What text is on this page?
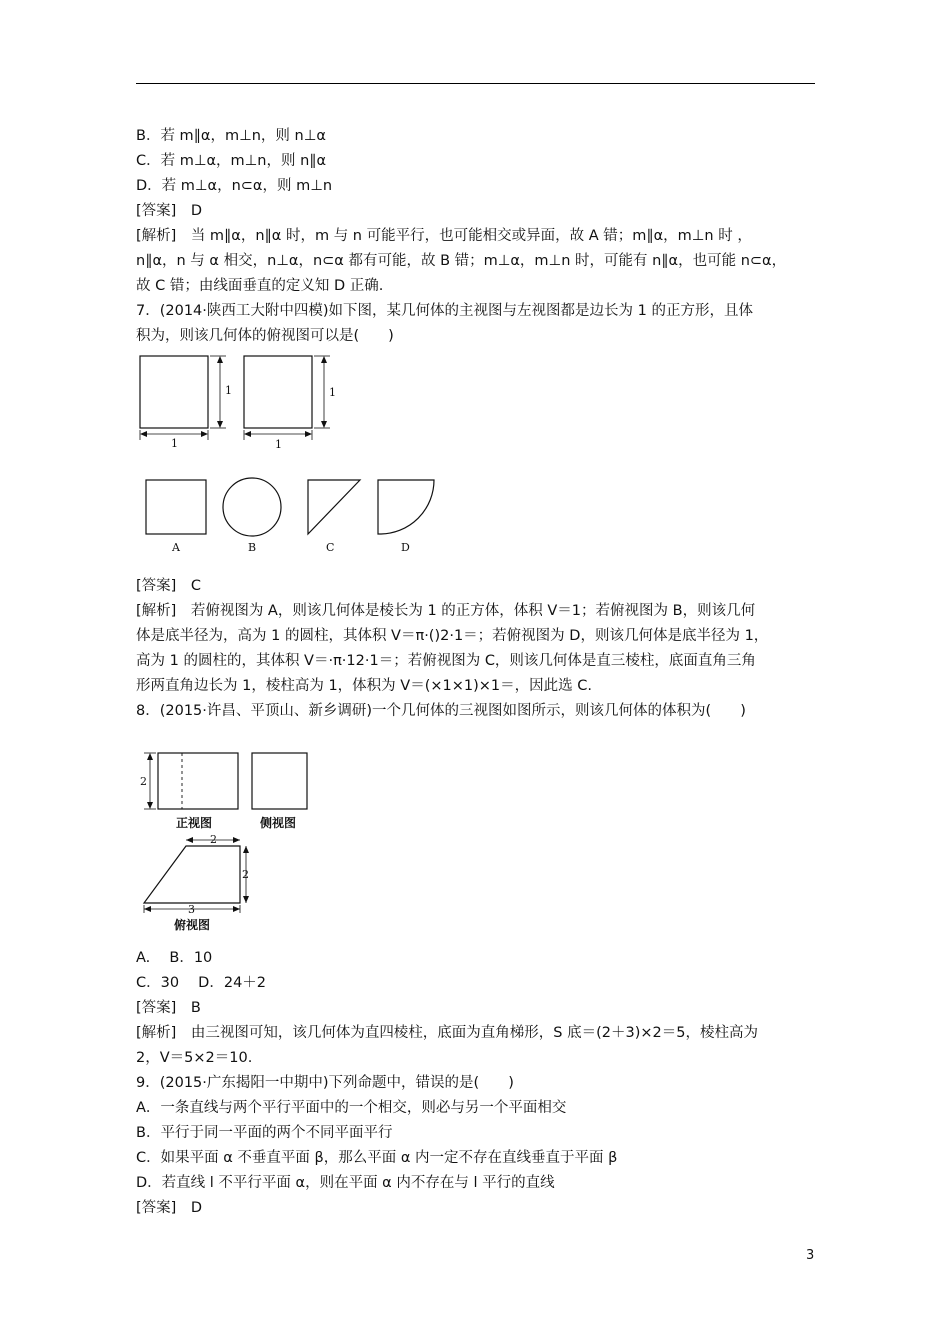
B．若 m∥α，m⊥n，则 n⊥α
C．若 m⊥α，m⊥n，则 n∥α
D．若 m⊥α，n⊂α，则 m⊥n
[答案]　D
[解析]　当 m∥α，n∥α 时，m 与 n 可能平行，也可能相交或异面，故 A 错；m∥α，m⊥n 时 ，
n∥α，n 与 α 相交，n⊥α，n⊂α 都有可能，故 B 错；m⊥α，m⊥n 时，可能有 n∥α，也可能 n⊂α，
故 C 错；由线面垂直的定义知 D 正确.
7．(2014·陕西工大附中四模)如下图，某几何体的主视图与左视图都是边长为 1 的正方形，且体
积为，则该几何体的俯视图可以是(　　)
1
1
1
1
A	B	C	D
[答案]　C
[解析]　若俯视图为 A，则该几何体是棱长为 1 的正方体，体积 V＝1；若俯视图为 B，则该几何
体是底半径为，高为 1 的圆柱，其体积 V＝π·()2·1＝；若俯视图为 D，则该几何体是底半径为 1，
高为 1 的圆柱的，其体积 V＝·π·12·1＝；若俯视图为 C，则该几何体是直三棱柱，底面直角三角
形两直角边长为 1，棱柱高为 1，体积为 V＝(×1×1)×1＝，因此选 C.
8．(2015·许昌、平顶山、新乡调研)一个几何体的三视图如图所示，则该几何体的体积为(　　)
2
正视图	侧视图
2
2
3
俯视图
A.　 B．10
C．30　 D．24＋2
[答案]　B
[解析]　由三视图可知，该几何体为直四棱柱，底面为直角梯形，S 底＝(2＋3)×2＝5，棱柱高为
2，V＝5×2＝10.
9．(2015·广东揭阳一中期中)下列命题中，错误的是(　　)
A．一条直线与两个平行平面中的一个相交，则必与另一个平面相交
B．平行于同一平面的两个不同平面平行
C．如果平面 α 不垂直平面 β，那么平面 α 内一定不存在直线垂直于平面 β
D．若直线 l 不平行平面 α，则在平面 α 内不存在与 l 平行的直线
[答案]　D
3
